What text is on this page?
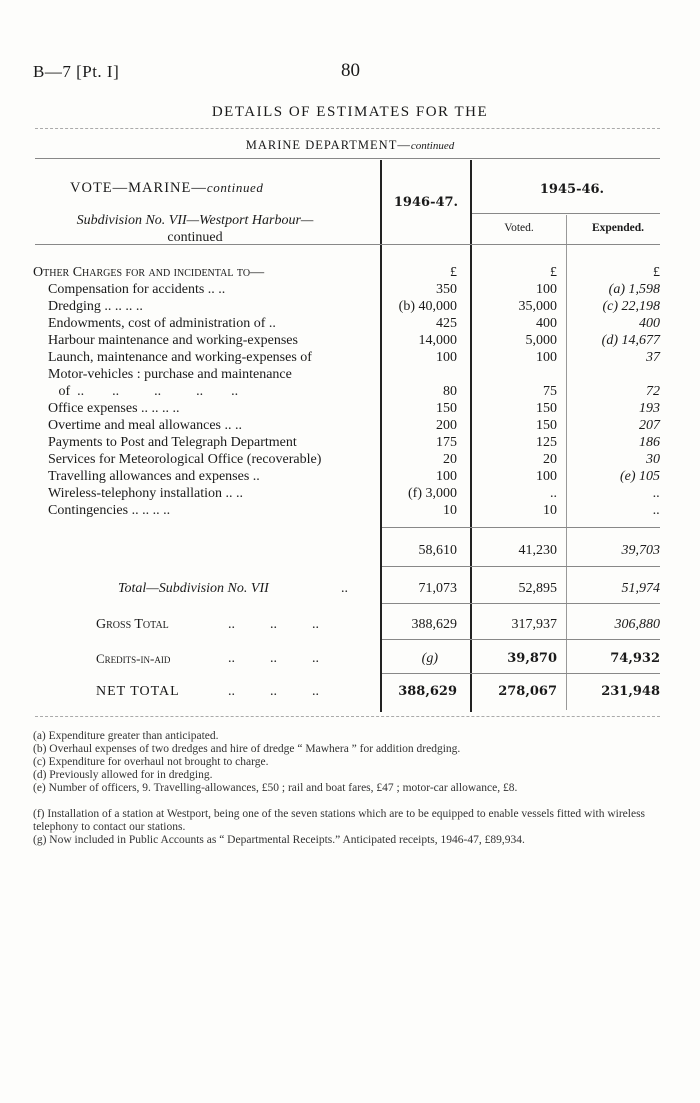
B—7 [Pt. I]	80
DETAILS OF ESTIMATES FOR THE
MARINE DEPARTMENT—continued
VOTE—MARINE—continued
Subdivision No. VII—Westport Harbour—
continued
1946-47.
1945-46.
Voted.	Expended.
Other Charges for and incidental to—	£	£	£
Compensation for accidents .. ..	350	100	(a) 1,598
Dredging .. .. .. ..	(b) 40,000	35,000	(c) 22,198
Endowments, cost of administration of ..	425	400	400
Harbour maintenance and working-expenses	14,000	5,000	(d) 14,677
Launch, maintenance and working-expenses of	100	100	37
Motor-vehicles : purchase and maintenance
of  ..        ..          ..          ..        ..	80	75	72
Office expenses .. .. .. ..	150	150	193
Overtime and meal allowances .. ..	200	150	207
Payments to Post and Telegraph Department	175	125	186
Services for Meteorological Office (recoverable)	20	20	30
Travelling allowances and expenses ..	100	100	(e) 105
Wireless-telephony installation .. ..	(f) 3,000	..	..
Contingencies .. .. .. ..	10	10	..
58,610	41,230	39,703
Total—Subdivision No. VII	..	71,073	52,895	51,974
Gross Total	..          ..          ..	388,629	317,937	306,880
Credits-in-aid	..          ..          ..	(g)	39,870	74,932
NET TOTAL	..          ..          ..	388,629	278,067	231,948
(a) Expenditure greater than anticipated.
(b) Overhaul expenses of two dredges and hire of dredge “ Mawhera ” for addition dredging.
(c) Expenditure for overhaul not brought to charge.
(d) Previously allowed for in dredging.
(e) Number of officers, 9. Travelling-allowances, £50 ; rail and boat fares, £47 ; motor-car allowance, £8.
(f) Installation of a station at Westport, being one of the seven stations which are to be equipped to enable vessels fitted with wireless telephony to contact our stations.
(g) Now included in Public Accounts as “ Departmental Receipts.” Anticipated receipts, 1946-47, £89,934.
